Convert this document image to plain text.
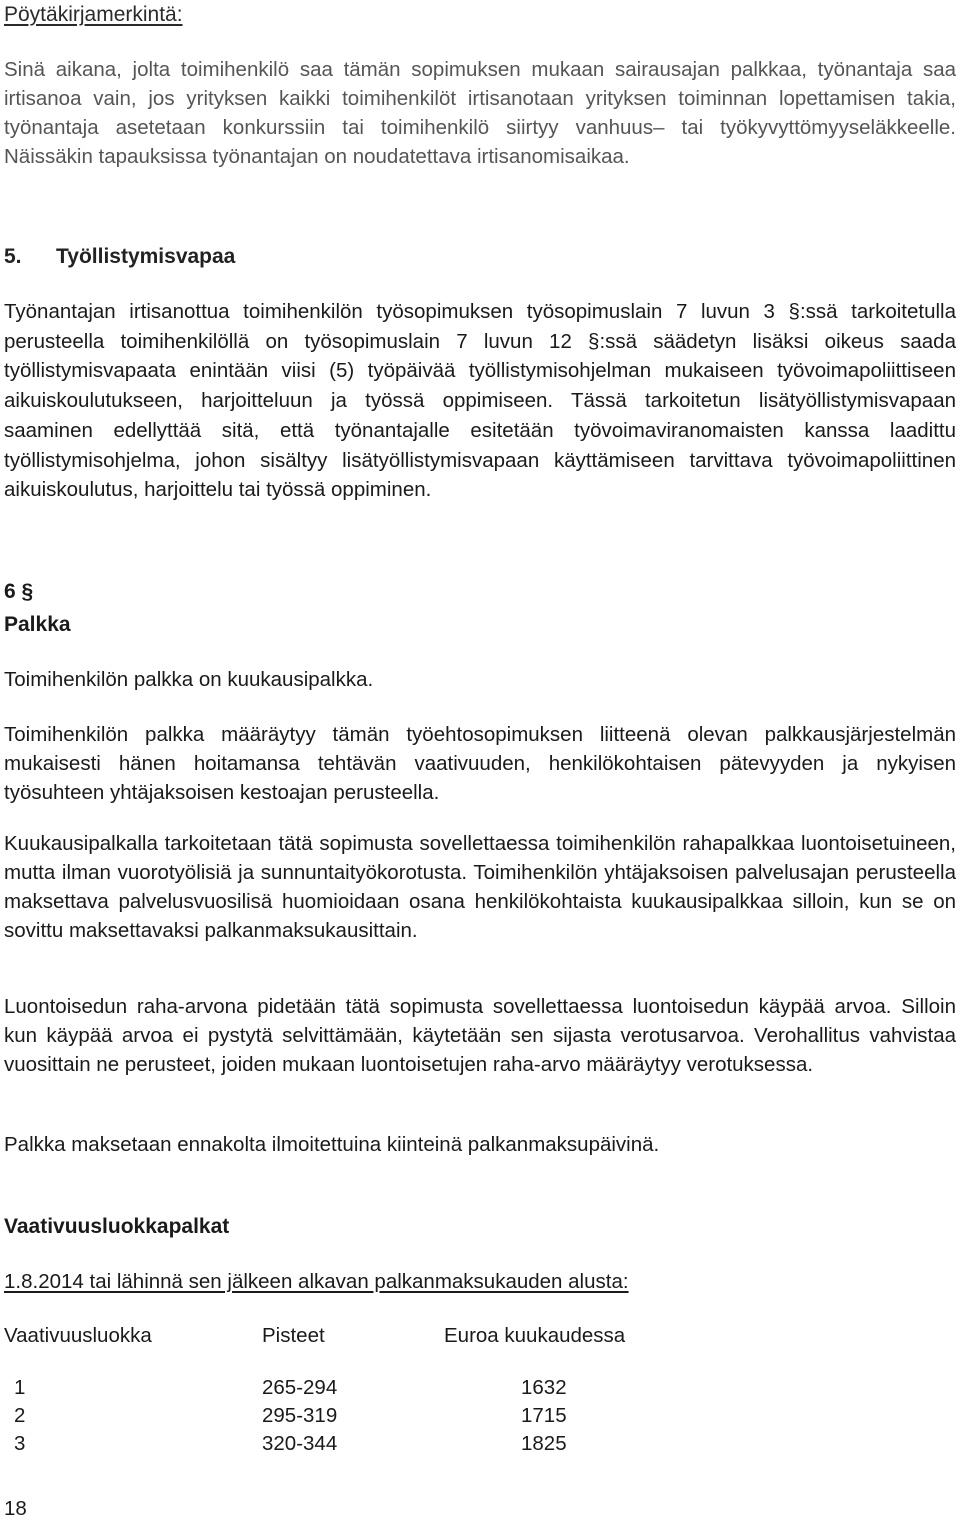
Pöytäkirjamerkintä:
Sinä aikana, jolta toimihenkilö saa tämän sopimuksen mukaan sairausajan palkkaa, työnantaja saa irtisanoa vain, jos yrityksen kaikki toimihenkilöt irtisanotaan yrityksen toiminnan lopettamisen takia, työnantaja asetetaan konkurssiin tai toimihenkilö siirtyy vanhuus– tai työkyvyttömyyseläkkeelle. Näissäkin tapauksissa työnantajan on noudatettava irtisanomisaikaa.
5. Työllistymisvapaa
Työnantajan irtisanottua toimihenkilön työsopimuksen työsopimuslain 7 luvun 3 §:ssä tarkoitetulla perusteella toimihenkilöllä on työsopimuslain 7 luvun 12 §:ssä säädetyn lisäksi oikeus saada työllistymisvapaata enintään viisi (5) työpäivää työllistymisohjelman mukaiseen työvoimapoliittiseen aikuiskoulutukseen, harjoitteluun ja työssä oppimiseen. Tässä tarkoitetun lisätyöllistymisvapaan saaminen edellyttää sitä, että työnantajalle esitetään työvoimaviranomaisten kanssa laadittu työllistymisohjelma, johon sisältyy lisätyöllistymisvapaan käyttämiseen tarvittava työvoimapoliittinen aikuiskoulutus, harjoittelu tai työssä oppiminen.
6 §
Palkka

Toimihenkilön palkka on kuukausipalkka.

Toimihenkilön palkka määräytyy tämän työehtosopimuksen liitteenä olevan palkkausjärjestelmän mukaisesti hänen hoitamansa tehtävän vaativuuden, henkilökohtaisen pätevyyden ja nykyisen työsuhteen yhtäjaksoisen kestoajan perusteella.

Kuukausipalkalla tarkoitetaan tätä sopimusta sovellettaessa toimihenkilön rahapalkkaa luontoisetuineen, mutta ilman vuorotyölisiä ja sunnuntaityökorotusta. Toimihenkilön yhtäjaksoisen palvelusajan perusteella maksettava palvelusvuosilisä huomioidaan osana henkilökohtaista kuukausipalkkaa silloin, kun se on sovittu maksettavaksi palkanmaksukausittain.

Luontoisedun raha-arvona pidetään tätä sopimusta sovellettaessa luontoisedun käypää arvoa. Silloin kun käypää arvoa ei pystytä selvittämään, käytetään sen sijasta verotusarvoa. Verohallitus vahvistaa vuosittain ne perusteet, joiden mukaan luontoisetujen raha-arvo määräytyy verotuksessa.

Palkka maksetaan ennakolta ilmoitettuina kiinteinä palkanmaksupäivinä.

Vaativuusluokkapalkat
1.8.2014 tai lähinnä sen jälkeen alkavan palkanmaksukauden alusta:
Vaativuusluokka	Pisteet	Euroa kuukaudessa

1	265-294	1632
2	295-319	1715
3	320-344	1825
18
